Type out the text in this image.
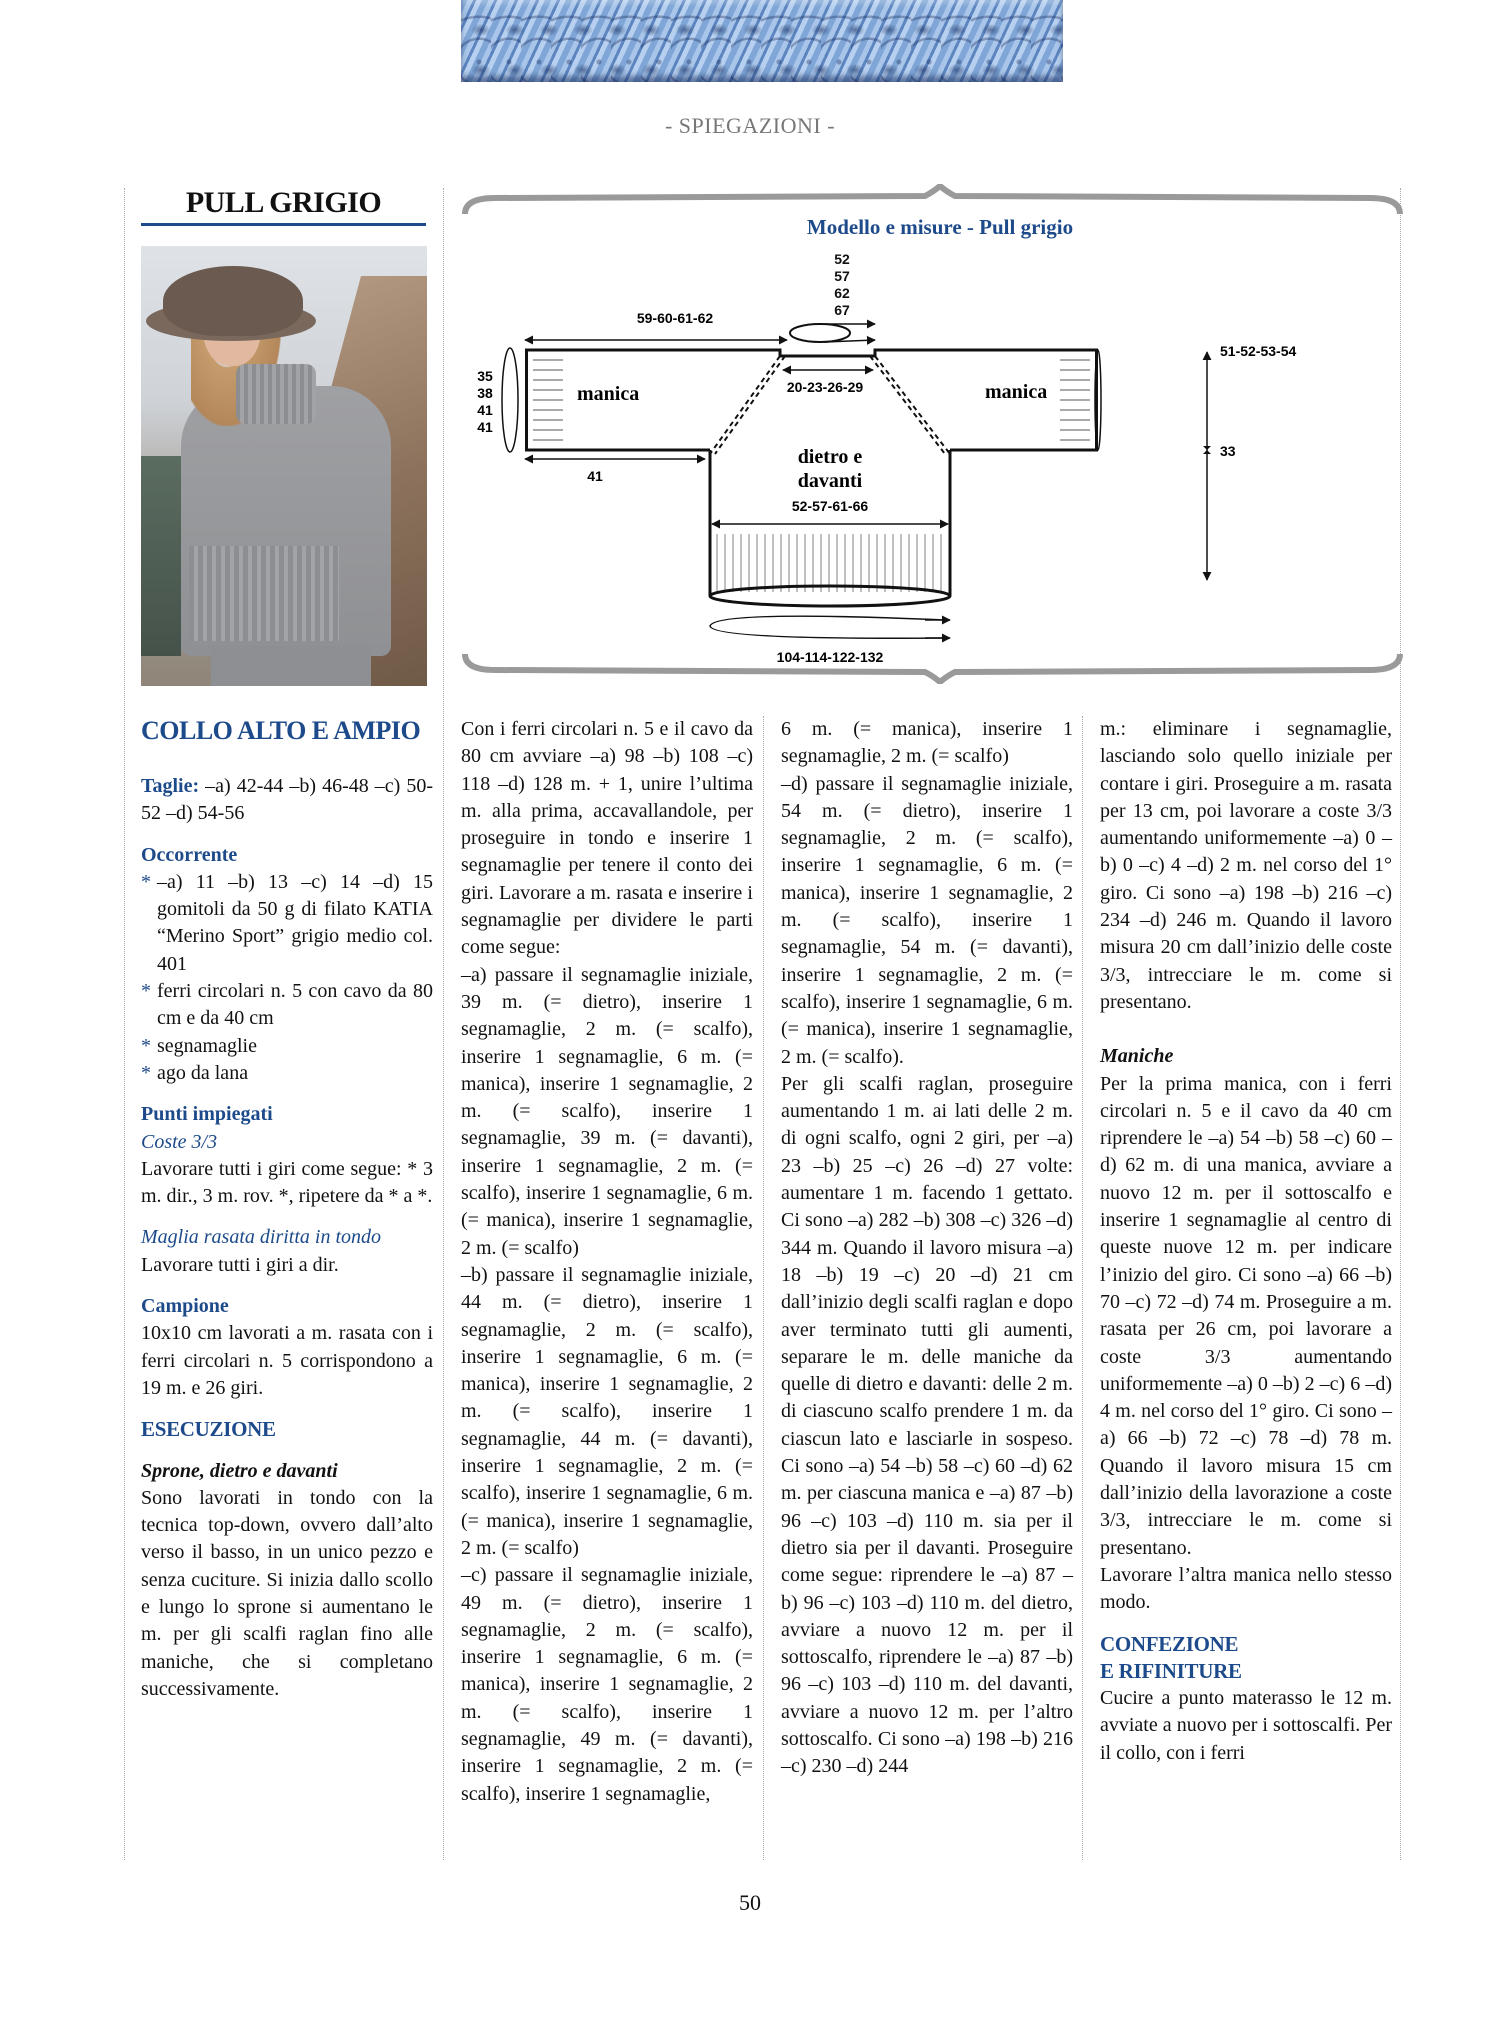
- SPIEGAZIONI -
PULL GRIGIO
Modello e misure - Pull grigio
52
57
62
67
59-60-61-62
35
38
41
41
manica
41
20-23-26-29	manica
dietro e
davanti
52-57-61-66
104-114-122-132
51-52-53-54
33

COLLO ALTO E AMPIO

Taglie: –a) 42-44 –b) 46-48 –c) 50-52 –d) 54-56

Occorrente

* –a) 11 –b) 13 –c) 14 –d) 15 gomitoli da 50 g di filato KATIA “Merino Sport” grigio medio col. 401
* ferri circolari n. 5 con cavo da 80 cm e da 40 cm
* segnamaglie
* ago da lana

Punti impiegati

Coste 3/3

Lavorare tutti i giri come segue: * 3 m. dir., 3 m. rov. *, ripetere da * a *.

Maglia rasata diritta in tondo

Lavorare tutti i giri a dir.

Campione

10x10 cm lavorati a m. rasata con i ferri circolari n. 5 corrispondono a 19 m. e 26 giri.

ESECUZIONE

Sprone, dietro e davanti

Sono lavorati in tondo con la tecnica top-down, ovvero dall’alto verso il basso, in un unico pezzo e senza cuciture. Si inizia dallo scollo e lungo lo sprone si aumentano le m. per gli scalfi raglan fino alle maniche, che si completano successivamente.

Con i ferri circolari n. 5 e il cavo da 80 cm avviare –a) 98 –b) 108 –c) 118 –d) 128 m. + 1, unire l’ultima m. alla prima, accavallandole, per proseguire in tondo e inserire 1 segnamaglie per tenere il conto dei giri. Lavorare a m. rasata e inserire i segnamaglie per dividere le parti come segue:

–a) passare il segnamaglie iniziale, 39 m. (= dietro), inserire 1 segnamaglie, 2 m. (= scalfo), inserire 1 segnamaglie, 6 m. (= manica), inserire 1 segnamaglie, 2 m. (= scalfo), inserire 1 segnamaglie, 39 m. (= davanti), inserire 1 segnamaglie, 2 m. (= scalfo), inserire 1 segnamaglie, 6 m. (= manica), inserire 1 segnamaglie, 2 m. (= scalfo)

–b) passare il segnamaglie iniziale, 44 m. (= dietro), inserire 1 segnamaglie, 2 m. (= scalfo), inserire 1 segnamaglie, 6 m. (= manica), inserire 1 segnamaglie, 2 m. (= scalfo), inserire 1 segnamaglie, 44 m. (= davanti), inserire 1 segnamaglie, 2 m. (= scalfo), inserire 1 segnamaglie, 6 m. (= manica), inserire 1 segnamaglie, 2 m. (= scalfo)

–c) passare il segnamaglie iniziale, 49 m. (= dietro), inserire 1 segnamaglie, 2 m. (= scalfo), inserire 1 segnamaglie, 6 m. (= manica), inserire 1 segnamaglie, 2 m. (= scalfo), inserire 1 segnamaglie, 49 m. (= davanti), inserire 1 segnamaglie, 2 m. (= scalfo), inserire 1 segnamaglie,

6 m. (= manica), inserire 1 segnamaglie, 2 m. (= scalfo)

–d) passare il segnamaglie iniziale, 54 m. (= dietro), inserire 1 segnamaglie, 2 m. (= scalfo), inserire 1 segnamaglie, 6 m. (= manica), inserire 1 segnamaglie, 2 m. (= scalfo), inserire 1 segnamaglie, 54 m. (= davanti), inserire 1 segnamaglie, 2 m. (= scalfo), inserire 1 segnamaglie, 6 m. (= manica), inserire 1 segnamaglie, 2 m. (= scalfo).

Per gli scalfi raglan, proseguire aumentando 1 m. ai lati delle 2 m. di ogni scalfo, ogni 2 giri, per –a) 23 –b) 25 –c) 26 –d) 27 volte: aumentare 1 m. facendo 1 gettato. Ci sono –a) 282 –b) 308 –c) 326 –d) 344 m. Quando il lavoro misura –a) 18 –b) 19 –c) 20 –d) 21 cm dall’inizio degli scalfi raglan e dopo aver terminato tutti gli aumenti, separare le m. delle maniche da quelle di dietro e davanti: delle 2 m. di ciascuno scalfo prendere 1 m. da ciascun lato e lasciarle in sospeso. Ci sono –a) 54 –b) 58 –c) 60 –d) 62 m. per ciascuna manica e –a) 87 –b) 96 –c) 103 –d) 110 m. sia per il dietro sia per il davanti. Proseguire come segue: riprendere le –a) 87 –b) 96 –c) 103 –d) 110 m. del dietro, avviare a nuovo 12 m. per il sottoscalfo, riprendere le –a) 87 –b) 96 –c) 103 –d) 110 m. del davanti, avviare a nuovo 12 m. per l’altro sottoscalfo. Ci sono –a) 198 –b) 216 –c) 230 –d) 244

m.: eliminare i segnamaglie, lasciando solo quello iniziale per contare i giri. Proseguire a m. rasata per 13 cm, poi lavorare a coste 3/3 aumentando uniformemente –a) 0 –b) 0 –c) 4 –d) 2 m. nel corso del 1° giro. Ci sono –a) 198 –b) 216 –c) 234 –d) 246 m. Quando il lavoro misura 20 cm dall’inizio delle coste 3/3, intrecciare le m. come si presentano.

Maniche

Per la prima manica, con i ferri circolari n. 5 e il cavo da 40 cm riprendere le –a) 54 –b) 58 –c) 60 –d) 62 m. di una manica, avviare a nuovo 12 m. per il sottoscalfo e inserire 1 segnamaglie al centro di queste nuove 12 m. per indicare l’inizio del giro. Ci sono –a) 66 –b) 70 –c) 72 –d) 74 m. Proseguire a m. rasata per 26 cm, poi lavorare a coste 3/3 aumentando uniformemente –a) 0 –b) 2 –c) 6 –d) 4 m. nel corso del 1° giro. Ci sono –a) 66 –b) 72 –c) 78 –d) 78 m. Quando il lavoro misura 15 cm dall’inizio della lavorazione a coste 3/3, intrecciare le m. come si presentano.

Lavorare l’altra manica nello stesso modo.

CONFEZIONE

E RIFINITURE

Cucire a punto materasso le 12 m. avviate a nuovo per i sottoscalfi. Per il collo, con i ferri

50
